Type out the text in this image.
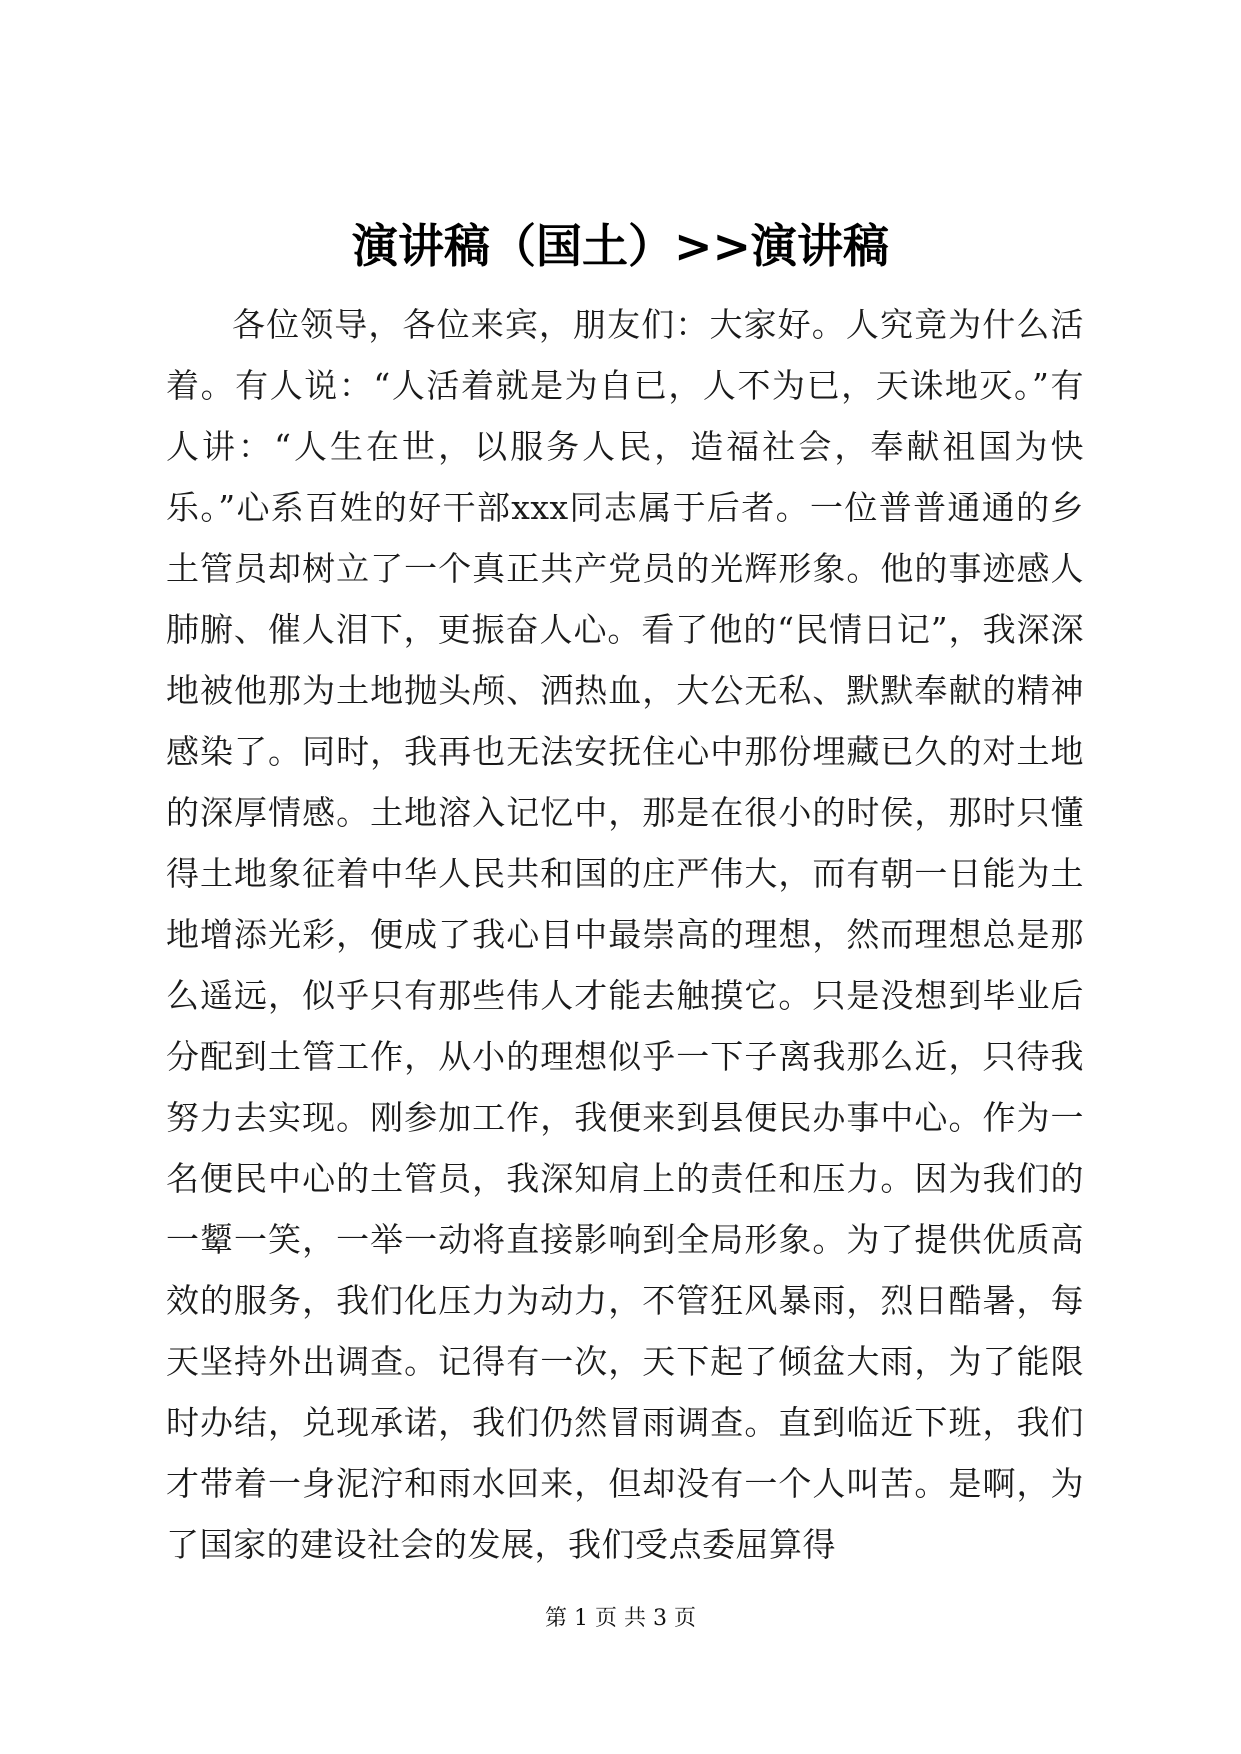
演讲稿（国土）>>演讲稿

各位领导，各位来宾，朋友们：大家好。人究竟为什么活着。有人说：“人活着就是为自已，人不为已，天诛地灭。”有人讲：“人生在世，以服务人民，造福社会，奉献祖国为快乐。”心系百姓的好干部xxx同志属于后者。一位普普通通的乡土管员却树立了一个真正共产党员的光辉形象。他的事迹感人肺腑、催人泪下，更振奋人心。看了他的“民情日记”，我深深地被他那为土地抛头颅、洒热血，大公无私、默默奉献的精神感染了。同时，我再也无法安抚住心中那份埋藏已久的对土地的深厚情感。土地溶入记忆中，那是在很小的时侯，那时只懂得土地象征着中华人民共和国的庄严伟大，而有朝一日能为土地增添光彩，便成了我心目中最崇高的理想，然而理想总是那么遥远，似乎只有那些伟人才能去触摸它。只是没想到毕业后分配到土管工作，从小的理想似乎一下子离我那么近，只待我努力去实现。刚参加工作，我便来到县便民办事中心。作为一名便民中心的土管员，我深知肩上的责任和压力。因为我们的一颦一笑，一举一动将直接影响到全局形象。为了提供优质高效的服务，我们化压力为动力，不管狂风暴雨，烈日酷暑，每天坚持外出调查。记得有一次，天下起了倾盆大雨，为了能限时办结，兑现承诺，我们仍然冒雨调查。直到临近下班，我们才带着一身泥泞和雨水回来，但却没有一个人叫苦。是啊，为了国家的建设社会的发展，我们受点委屈算得

第 1 页 共 3 页
